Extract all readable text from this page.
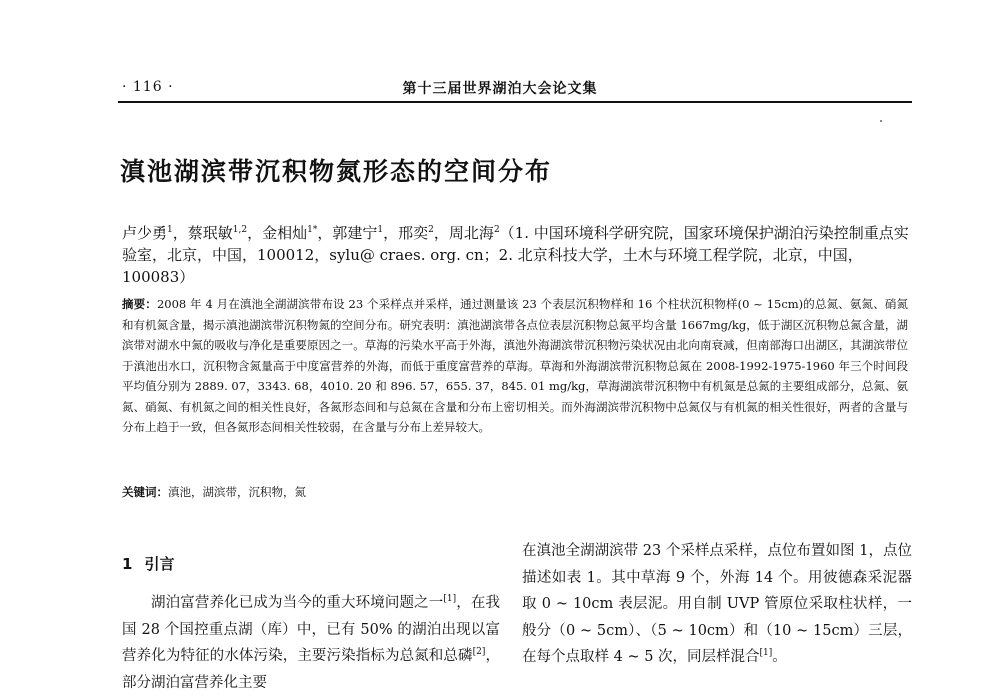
· 116 ·	第十三届世界湖泊大会论文集
滇池湖滨带沉积物氮形态的空间分布

卢少勇$^1$，蔡珉敏$^{1,2}$，金相灿$^{1*}$，郭建宁$^1$，邢奕$^2$，周北海$^2$（1. 中国环境科学研究院，国家环境保护湖泊污染控制重点实验室，北京，中国，100012，sylu@ craes. org. cn；2. 北京科技大学，土木与环境工程学院，北京，中国，100083）

摘要：2008 年 4 月在滇池全湖湖滨带布设 23 个采样点并采样，通过测量该 23 个表层沉积物样和 16 个柱状沉积物样(0 ~ 15cm)的总氮、氨氮、硝氮和有机氮含量，揭示滇池湖滨带沉积物氮的空间分布。研究表明：滇池湖滨带各点位表层沉积物总氮平均含量 1667mg/kg，低于湖区沉积物总氮含量，湖滨带对湖水中氮的吸收与净化是重要原因之一。草海的污染水平高于外海，滇池外海湖滨带沉积物污染状况由北向南衰减，但南部海口出湖区，其湖滨带位于滇池出水口，沉积物含氮量高于中度富营养的外海，而低于重度富营养的草海。草海和外海湖滨带沉积物总氮在 2008-1992-1975-1960 年三个时间段平均值分别为 2889. 07，3343. 68，4010. 20 和 896. 57，655. 37，845. 01 mg/kg，草海湖滨带沉积物中有机氮是总氮的主要组成部分，总氮、氨氮、硝氮、有机氮之间的相关性良好，各氮形态间和与总氮在含量和分布上密切相关。而外海湖滨带沉积物中总氮仅与有机氮的相关性很好，两者的含量与分布上趋于一致，但各氮形态间相关性较弱，在含量与分布上差异较大。

关键词：滇池，湖滨带，沉积物，氮

1 引言

湖泊富营养化已成为当今的重大环境问题之一[1]，在我国 28 个国控重点湖（库）中，已有 50% 的湖泊出现以富营养化为特征的水体污染，主要污染指标为总氮和总磷[2]，部分湖泊富营养化主要

在滇池全湖湖滨带 23 个采样点采样，点位布置如图 1，点位描述如表 1。其中草海 9 个，外海 14 个。用彼德森采泥器取 0 ~ 10cm 表层泥。用自制 UVP 管原位采取柱状样，一般分（0 ~ 5cm）、（5 ~ 10cm）和（10 ~ 15cm）三层，在每个点取样 4 ~ 5 次，同层样混合[1]。
